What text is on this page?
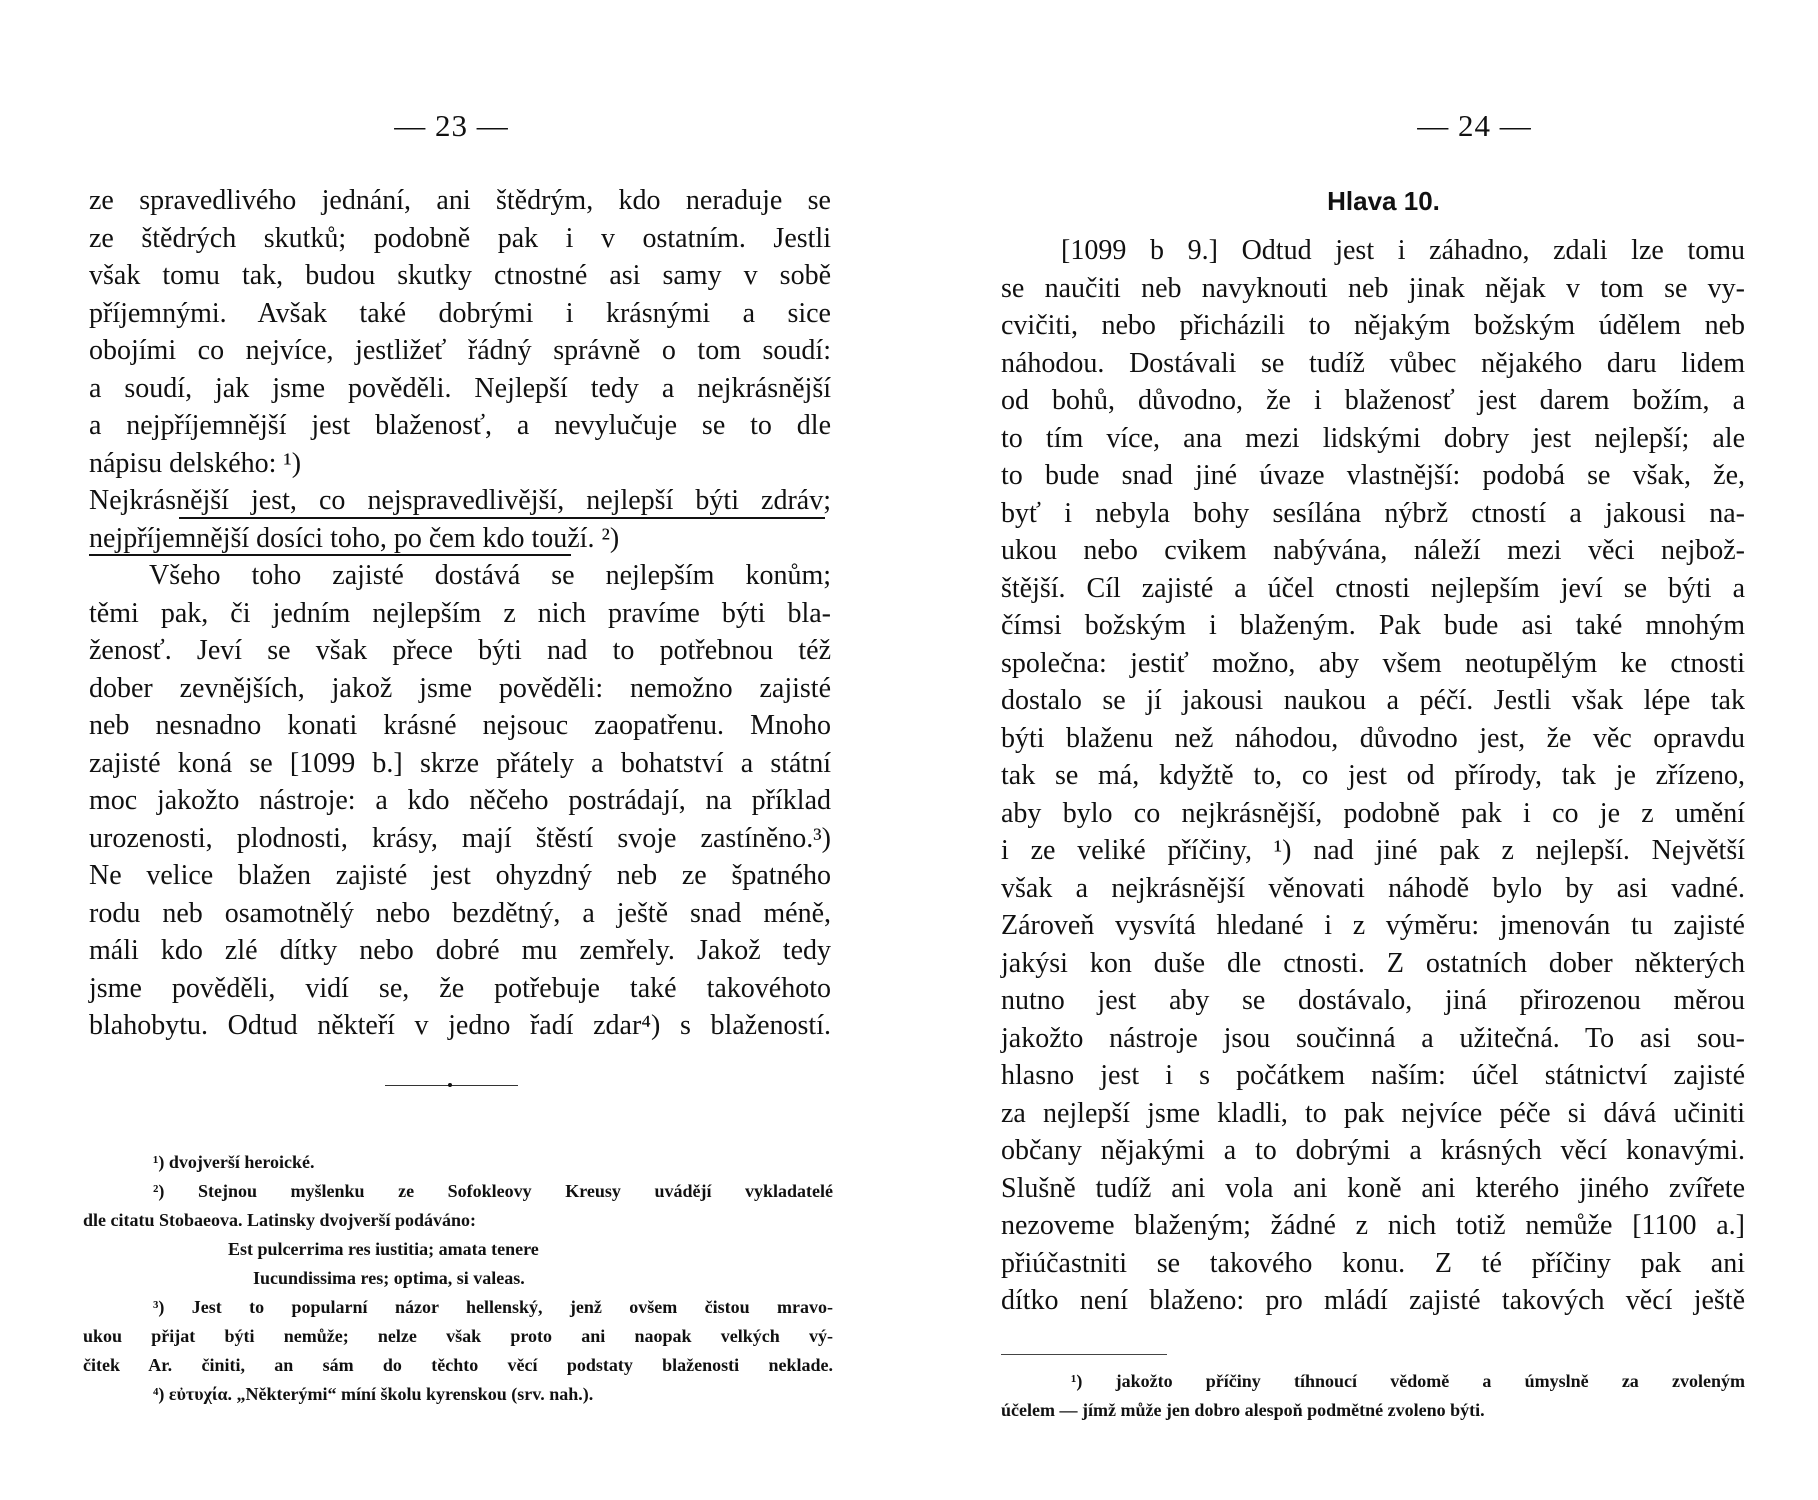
— 23 —
ze spravedlivého jednání, ani štědrým, kdo neraduje se
ze štědrých skutků; podobně pak i v ostatním. Jestli
však tomu tak, budou skutky ctnostné asi samy v sobě
příjemnými. Avšak také dobrými i krásnými a sice
obojími co nejvíce, jestližeť řádný správně o tom soudí:
a soudí, jak jsme pověděli. Nejlepší tedy a nejkrásnější
a nejpříjemnější jest blaženosť, a nevylučuje se to dle
nápisu delského: ¹)
Nejkrásnější jest, co nejspravedlivější, nejlepší býti zdráv;
nejpříjemnější dosíci toho, po čem kdo touží. ²)
Všeho toho zajisté dostává se nejlepším konům;
těmi pak, či jedním nejlepším z nich pravíme býti bla-
ženosť. Jeví se však přece býti nad to potřebnou též
dober zevnějších, jakož jsme pověděli: nemožno zajisté
neb nesnadno konati krásné nejsouc zaopatřenu. Mnoho
zajisté koná se [1099 b.] skrze přátely a bohatství a státní
moc jakožto nástroje: a kdo něčeho postrádají, na příklad
urozenosti, plodnosti, krásy, mají štěstí svoje zastíněno.³)
Ne velice blažen zajisté jest ohyzdný neb ze špatného
rodu neb osamotnělý nebo bezdětný, a ještě snad méně,
máli kdo zlé dítky nebo dobré mu zemřely. Jakož tedy
jsme pověděli, vidí se, že potřebuje také takovéhoto
blahobytu. Odtud někteří v jedno řadí zdar⁴) s blažeností.
¹) dvojverší heroické.
²) Stejnou myšlenku ze Sofokleovy Kreusy uvádějí vykladatelé
dle citatu Stobaeova. Latinsky dvojverší podáváno:
Est pulcerrima res iustitia; amata tenere
Iucundissima res; optima, si valeas.
³) Jest to popularní názor hellenský, jenž ovšem čistou mravo-
ukou přijat býti nemůže; nelze však proto ani naopak velkých vý-
čitek Ar. činiti, an sám do těchto věcí podstaty blaženosti neklade.
⁴) εὐτυχία. „Některými“ míní školu kyrenskou (srv. nah.).
— 24 —
Hlava 10.
[1099 b 9.] Odtud jest i záhadno, zdali lze tomu
se naučiti neb navyknouti neb jinak nějak v tom se vy-
cvičiti, nebo přicházili to nějakým božským údělem neb
náhodou. Dostávali se tudíž vůbec nějakého daru lidem
od bohů, důvodno, že i blaženosť jest darem božím, a
to tím více, ana mezi lidskými dobry jest nejlepší; ale
to bude snad jiné úvaze vlastnější: podobá se však, že,
byť i nebyla bohy sesílána nýbrž ctností a jakousi na-
ukou nebo cvikem nabývána, náleží mezi věci nejbož-
štější. Cíl zajisté a účel ctnosti nejlepším jeví se býti a
čímsi božským i blaženým. Pak bude asi také mnohým
společna: jestiť možno, aby všem neotupělým ke ctnosti
dostalo se jí jakousi naukou a péčí. Jestli však lépe tak
býti blaženu než náhodou, důvodno jest, že věc opravdu
tak se má, kdyžtě to, co jest od přírody, tak je zřízeno,
aby bylo co nejkrásnější, podobně pak i co je z umění
i ze veliké příčiny, ¹) nad jiné pak z nejlepší. Největší
však a nejkrásnější věnovati náhodě bylo by asi vadné.
Zároveň vysvítá hledané i z výměru: jmenován tu zajisté
jakýsi kon duše dle ctnosti. Z ostatních dober některých
nutno jest aby se dostávalo, jiná přirozenou měrou
jakožto nástroje jsou součinná a užitečná. To asi sou-
hlasno jest i s počátkem naším: účel státnictví zajisté
za nejlepší jsme kladli, to pak nejvíce péče si dává učiniti
občany nějakými a to dobrými a krásných věcí konavými.
Slušně tudíž ani vola ani koně ani kterého jiného zvířete
nezoveme blaženým; žádné z nich totiž nemůže [1100 a.]
přiúčastniti se takového konu. Z té příčiny pak ani
dítko není blaženo: pro mládí zajisté takových věcí ještě
¹) jakožto příčiny tíhnoucí vědomě a úmyslně za zvoleným
účelem — jímž může jen dobro alespoň podmětné zvoleno býti.
